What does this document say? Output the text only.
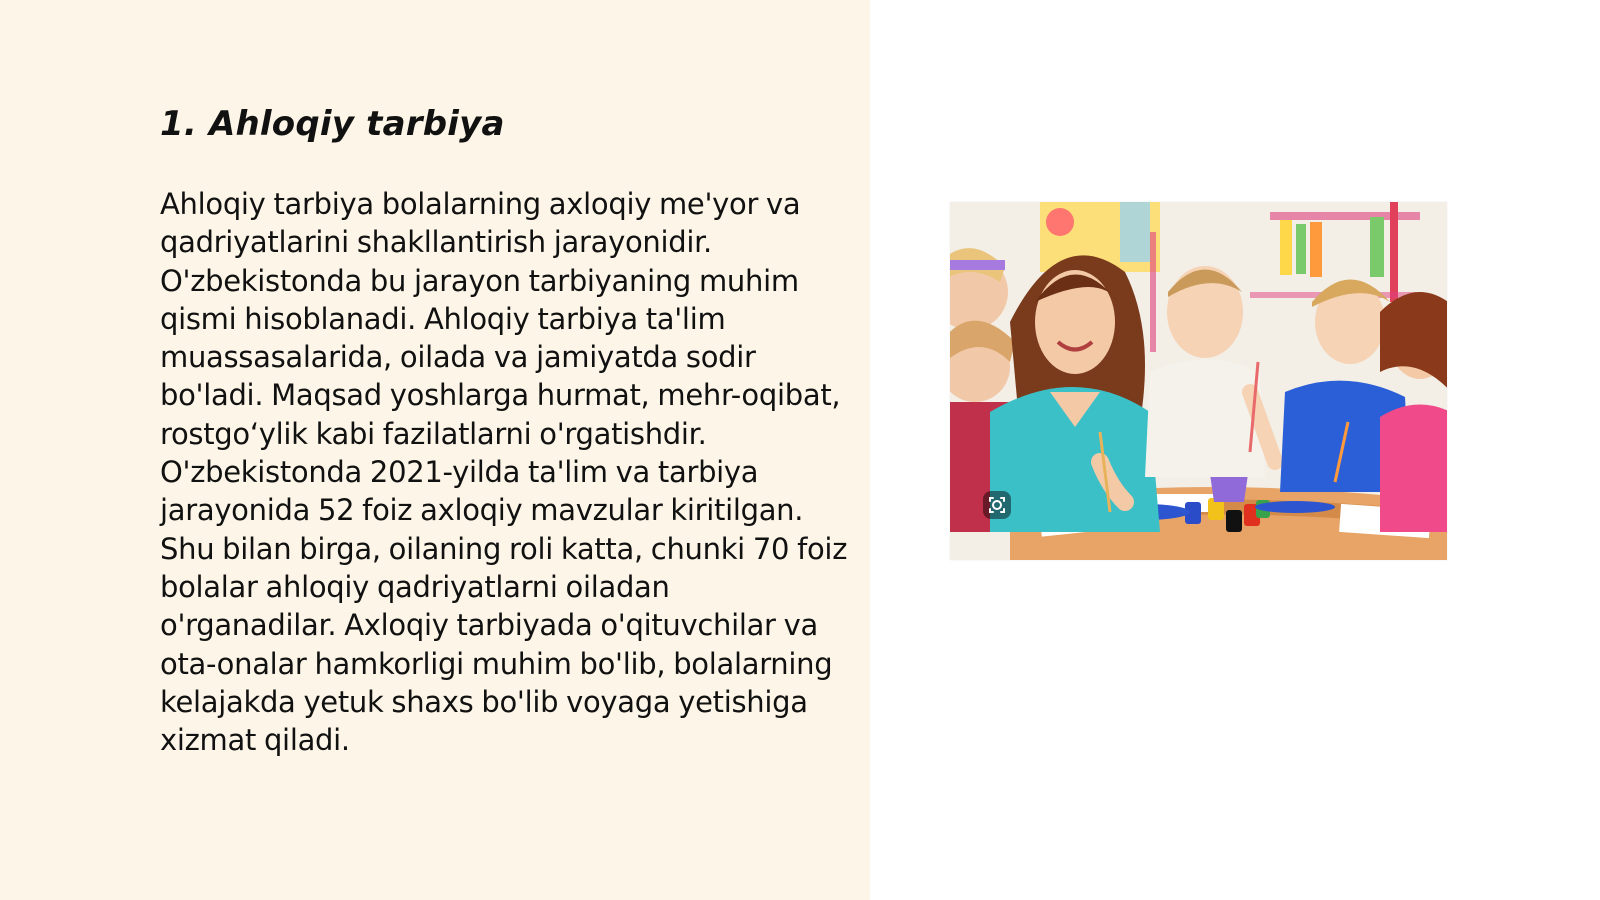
1. Ahloqiy tarbiya

Ahloqiy tarbiya bolalarning axloqiy me'yor va qadriyatlarini shakllantirish jarayonidir. O'zbekistonda bu jarayon tarbiyaning muhim qismi hisoblanadi. Ahloqiy tarbiya ta'lim muassasalarida, oilada va jamiyatda sodir bo'ladi. Maqsad yoshlarga hurmat, mehr-oqibat, rostgo‘ylik kabi fazilatlarni o'rgatishdir. O'zbekistonda 2021-yilda ta'lim va tarbiya jarayonida 52 foiz axloqiy mavzular kiritilgan. Shu bilan birga, oilaning roli katta, chunki 70 foiz bolalar ahloqiy qadriyatlarni oiladan o'rganadilar. Axloqiy tarbiyada o'qituvchilar va ota-onalar hamkorligi muhim bo'lib, bolalarning kelajakda yetuk shaxs bo'lib voyaga yetishiga xizmat qiladi.
